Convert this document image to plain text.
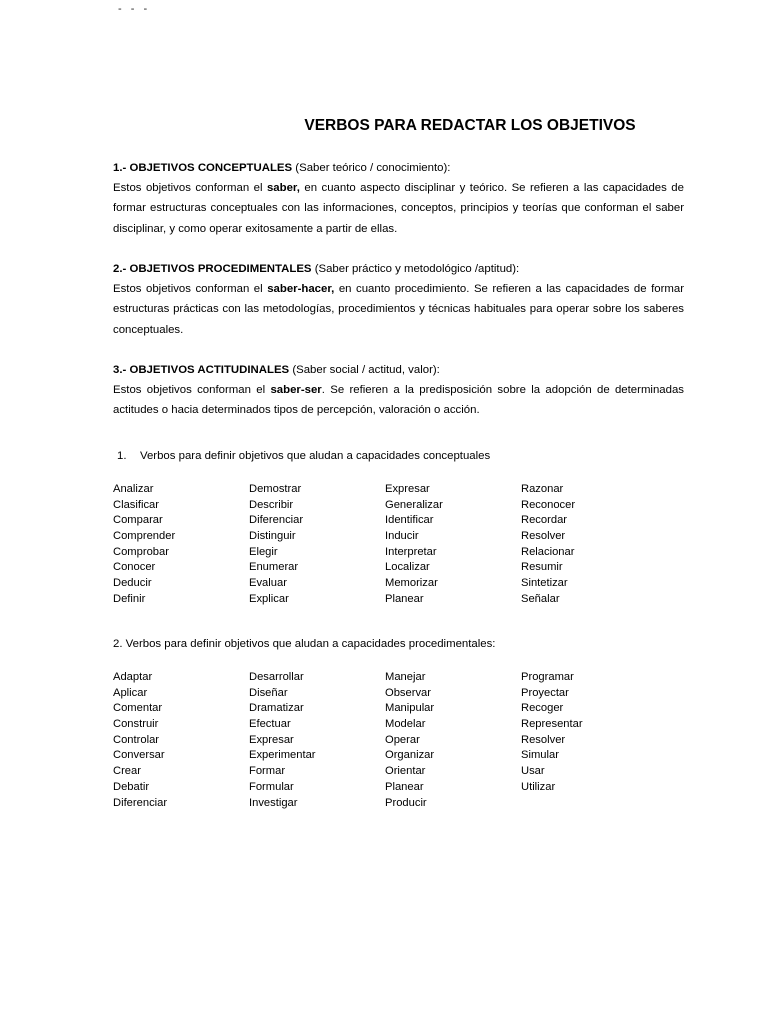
- - -
VERBOS PARA REDACTAR LOS OBJETIVOS
1.- OBJETIVOS CONCEPTUALES (Saber teórico / conocimiento):

Estos objetivos conforman el saber, en cuanto aspecto disciplinar y teórico. Se refieren a las capacidades de formar estructuras conceptuales con las informaciones, conceptos, principios y teorías que conforman el saber disciplinar, y como operar exitosamente a partir de ellas.

2.- OBJETIVOS PROCEDIMENTALES (Saber práctico y metodológico /aptitud):

Estos objetivos conforman el saber-hacer, en cuanto procedimiento. Se refieren a las capacidades de formar estructuras prácticas con las metodologías, procedimientos y técnicas habituales para operar sobre los saberes conceptuales.

3.- OBJETIVOS ACTITUDINALES (Saber social / actitud, valor):

Estos objetivos conforman el saber-ser. Se refieren a la predisposición sobre la adopción de determinadas actitudes o hacia determinados tipos de percepción, valoración o acción.

1. Verbos para definir objetivos que aludan a capacidades conceptuales
Analizar	Demostrar	Expresar	Razonar
Clasificar	Describir	Generalizar	Reconocer
Comparar	Diferenciar	Identificar	Recordar
Comprender	Distinguir	Inducir	Resolver
Comprobar	Elegir	Interpretar	Relacionar
Conocer	Enumerar	Localizar	Resumir
Deducir	Evaluar	Memorizar	Sintetizar
Definir	Explicar	Planear	Señalar
2. Verbos para definir objetivos que aludan a capacidades procedimentales:
Adaptar	Desarrollar	Manejar	Programar
Aplicar	Diseñar	Observar	Proyectar
Comentar	Dramatizar	Manipular	Recoger
Construir	Efectuar	Modelar	Representar
Controlar	Expresar	Operar	Resolver
Conversar	Experimentar	Organizar	Simular
Crear	Formar	Orientar	Usar
Debatir	Formular	Planear	Utilizar
Diferenciar	Investigar	Producir
